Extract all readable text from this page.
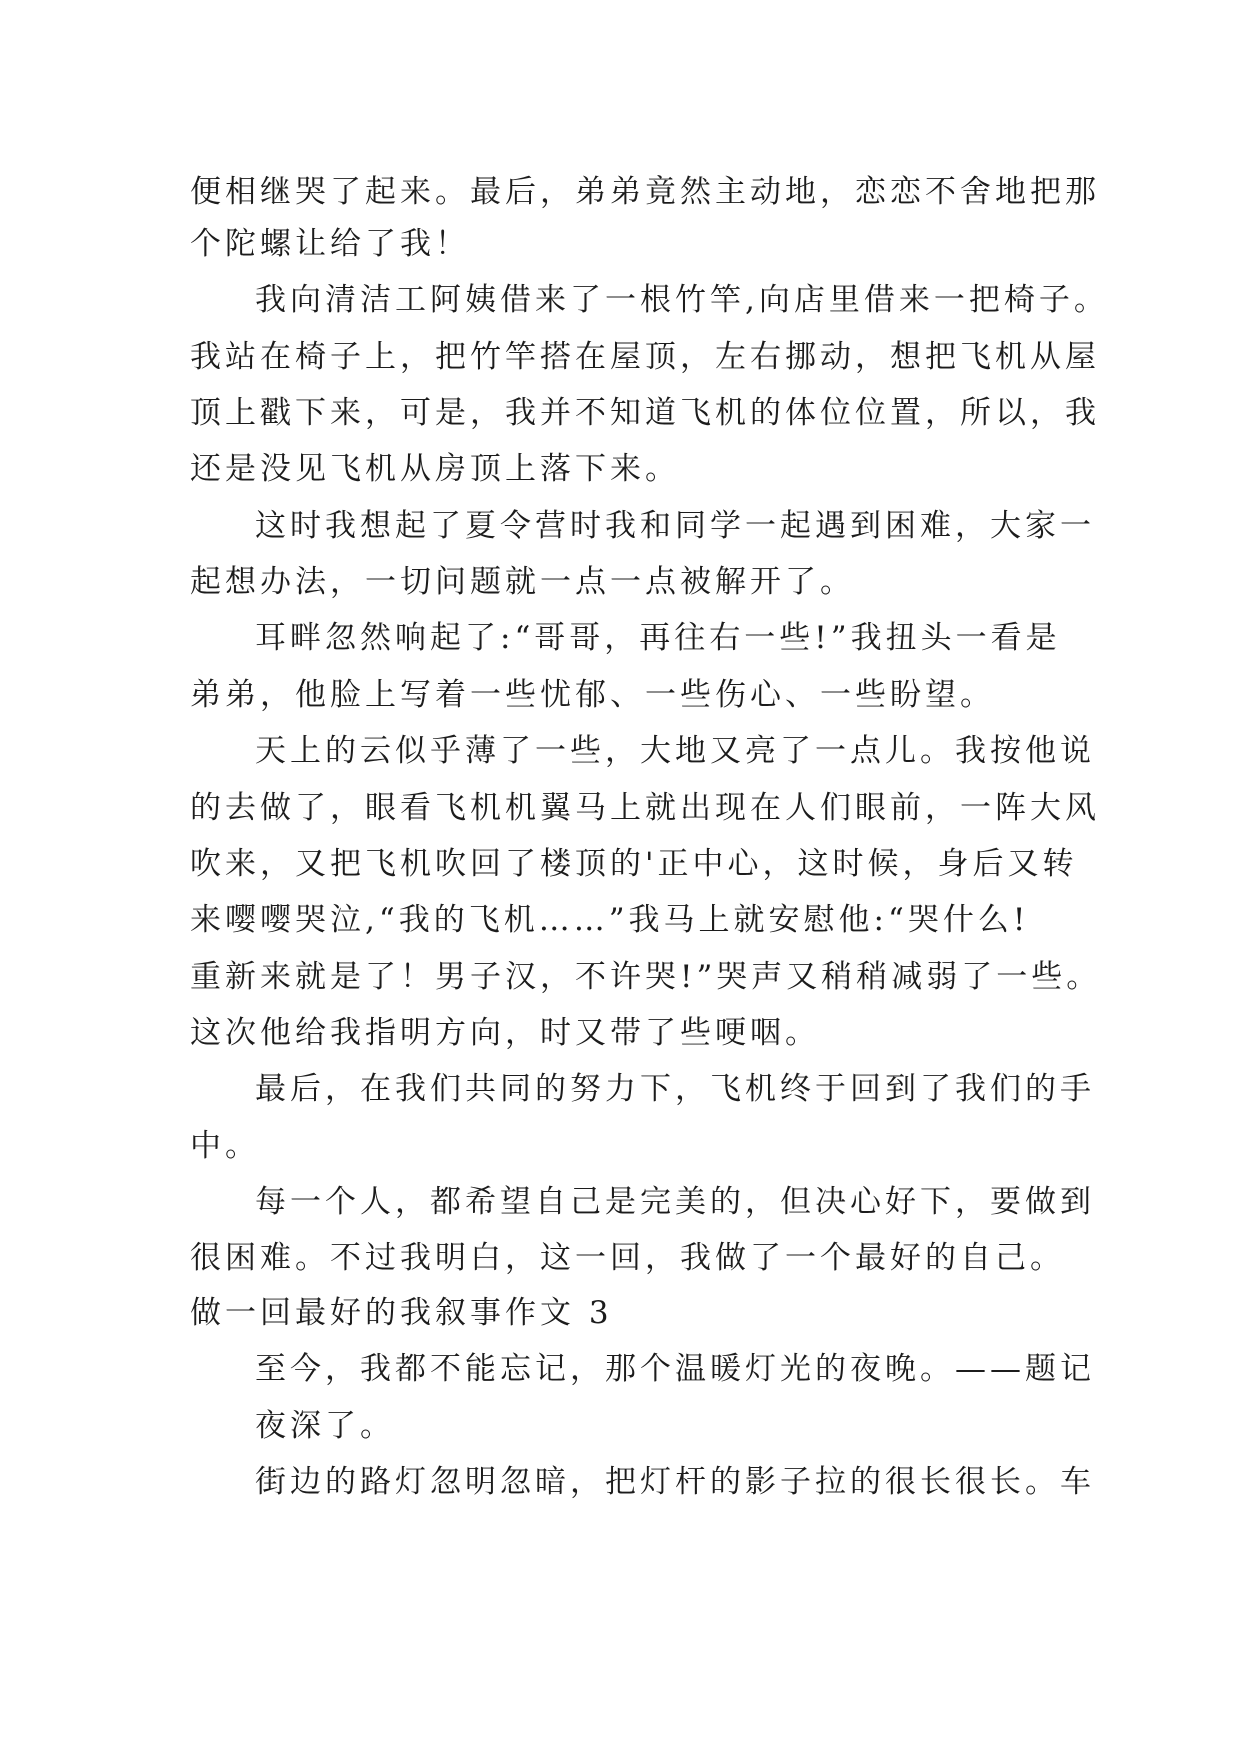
便相继哭了起来。最后，弟弟竟然主动地，恋恋不舍地把那
个陀螺让给了我！
我向清洁工阿姨借来了一根竹竿,向店里借来一把椅子。
我站在椅子上，把竹竿搭在屋顶，左右挪动，想把飞机从屋
顶上戳下来，可是，我并不知道飞机的体位位置，所以，我
还是没见飞机从房顶上落下来。
这时我想起了夏令营时我和同学一起遇到困难，大家一
起想办法，一切问题就一点一点被解开了。
耳畔忽然响起了:“哥哥，再往右一些!”我扭头一看是
弟弟，他脸上写着一些忧郁、一些伤心、一些盼望。
天上的云似乎薄了一些，大地又亮了一点儿。我按他说
的去做了，眼看飞机机翼马上就出现在人们眼前，一阵大风
吹来，又把飞机吹回了楼顶的'正中心，这时候，身后又转
来嘤嘤哭泣,“我的飞机……”我马上就安慰他:“哭什么!
重新来就是了！男子汉，不许哭!”哭声又稍稍减弱了一些。
这次他给我指明方向，时又带了些哽咽。
最后，在我们共同的努力下，飞机终于回到了我们的手
中。
每一个人，都希望自己是完美的，但决心好下，要做到
很困难。不过我明白，这一回，我做了一个最好的自己。
做一回最好的我叙事作文 3
至今，我都不能忘记，那个温暖灯光的夜晚。——题记
夜深了。
街边的路灯忽明忽暗，把灯杆的影子拉的很长很长。车
